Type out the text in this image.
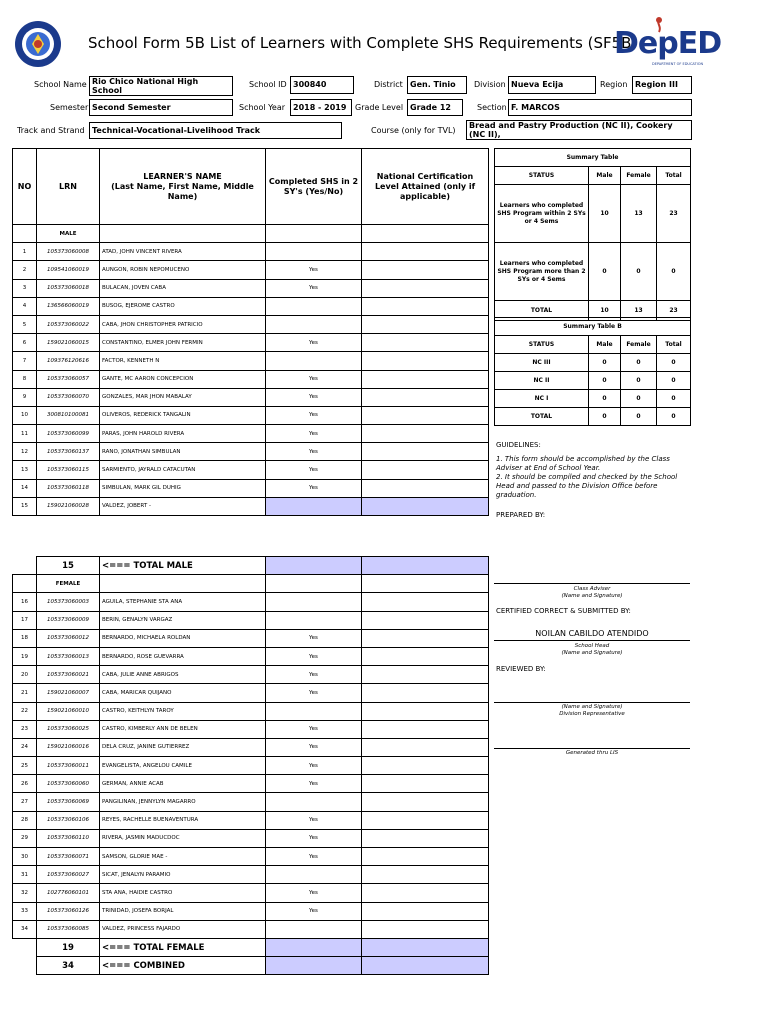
School Form 5B List of Learners with Complete SHS Requirements (SF5B-
DepED
DEPARTMENT OF EDUCATION
School Name Rio Chico National High School
School ID 300840	District Gen. Tinio	Division Nueva Ecija	Region Region III
Semester Second Semester	School Year 2018 - 2019	Grade Level Grade 12	Section F. MARCOS
Track and Strand Technical-Vocational-Livelihood Track	Course (only for TVL)
Bread and Pastry Production (NC II), Cookery (NC II),
NO	LRN	LEARNER'S NAME
(Last Name, First Name, Middle Name)	Completed SHS in 2 SY's (Yes/No)	National Certification Level Attained (only if applicable)
	MALE			
1	105373060008	ATAD, JOHN VINCENT RIVERA		
2	109541060019	AUNGON, ROBIN NEPOMUCENO	Yes	
3	105373060018	BULACAN, JOVEN CABA	Yes	
4	136566060019	BUSOG, EJEROME CASTRO		
5	105373060022	CABA, JHON CHRISTOPHER PATRICIO		
6	159021060015	CONSTANTINO, ELMER JOHN FERMIN	Yes	
7	109376120616	FACTOR, KENNETH N		
8	105373060057	GANTE, MC AARON CONCEPCION	Yes	
9	105373060070	GONZALES, MAR JHON MABALAY	Yes	
10	300810100081	OLIVEROS, REDERICK TANGALIN	Yes	
11	105373060099	PARAS, JOHN HAROLD RIVERA	Yes	
12	105373060137	RANO, JONATHAN SIMBULAN	Yes	
13	105373060115	SARMIENTO, JAYRALD CATACUTAN	Yes	
14	105373060118	SIMBULAN, MARK GIL DUHIG	Yes	
15	159021060028	VALDEZ, JOBERT -		
	15	<=== TOTAL MALE		
	FEMALE			
16	105373060003	AGUILA, STEPHANIE STA ANA		
17	105373060009	BERIN, GENALYN VARGAZ		
18	105373060012	BERNARDO, MICHAELA ROLDAN	Yes	
19	105373060013	BERNARDO, ROSE GUEVARRA	Yes	
20	105373060021	CABA, JULIE ANNE ABRIGOS	Yes	
21	159021060007	CABA, MARICAR QUIJANO	Yes	
22	159021060010	CASTRO, KEITHLYN TAROY		
23	105373060025	CASTRO, KIMBERLY ANN DE BELEN	Yes	
24	159021060016	DELA CRUZ, JANINE GUTIERREZ	Yes	
25	105373060011	EVANGELISTA, ANGELOU CAMILE	Yes	
26	105373060060	GERMAN, ANNIE ACAB	Yes	
27	105373060069	PANGILINAN, JENNYLYN MAGARRO		
28	105373060106	REYES, RACHELLE BUENAVENTURA	Yes	
29	105373060110	RIVERA, JASMIN MADUCDOC	Yes	
30	105373060071	SAMSON, GLORIE MAE -	Yes	
31	105373060027	SICAT, JENALYN PARAMIO		
32	102776060101	STA ANA, HAIDIE CASTRO	Yes	
33	105373060126	TRINIDAD, JOSEFA BORJAL	Yes	
34	105373060085	VALDEZ, PRINCESS FAJARDO		
	19	<=== TOTAL FEMALE		
	34	<=== COMBINED		
Summary Table			
STATUS	Male	Female	Total
Learners who completed SHS Program within 2 SYs or 4 Sems	10	13	23
Learners who completed SHS Program more than 2 SYs or 4 Sems	0	0	0
TOTAL	10	13	23
Summary Table B			
STATUS	Male	Female	Total
NC III	0	0	0
NC II	0	0	0
NC I	0	0	0
TOTAL	0	0	0
GUIDELINES:
1. This form should be accomplished by the Class Adviser at End of School Year.
2. It should be compiled and checked by the School Head and passed to the Division Office before graduation.
PREPARED BY:
Class Adviser
(Name and Signature)
CERTIFIED CORRECT & SUBMITTED BY:
NOILAN CABILDO ATENDIDO
School Head
(Name and Signature)
REVIEWED BY:
(Name and Signature)
Division Representative
Generated thru LIS
